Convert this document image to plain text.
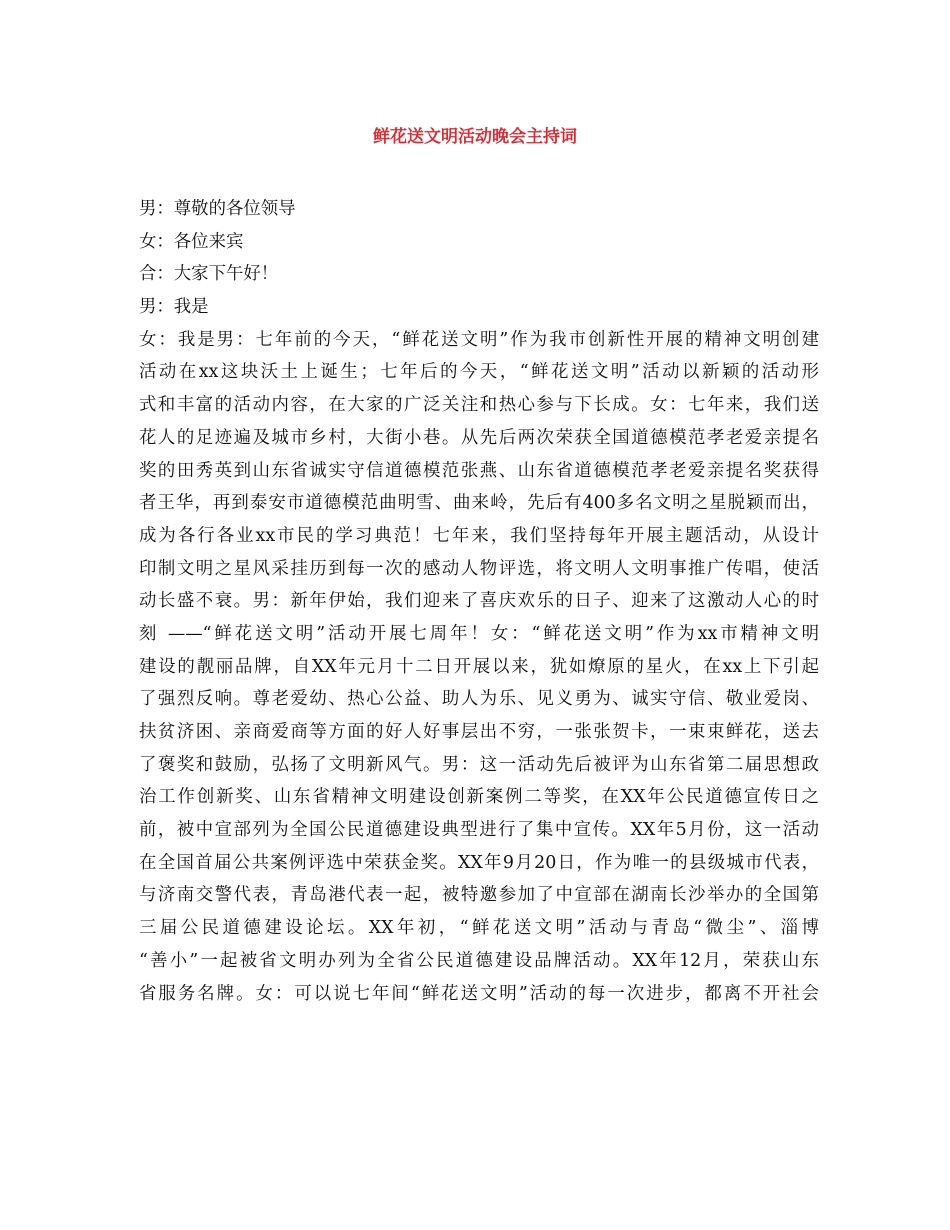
鲜花送文明活动晚会主持词
男：尊敬的各位领导
女：各位来宾
合：大家下午好！
男：我是
女：我是男：七年前的今天，“鲜花送文明”作为我市创新性开展的精神文明创建
活动在xx这块沃土上诞生；七年后的今天，“鲜花送文明”活动以新颖的活动形
式和丰富的活动内容，在大家的广泛关注和热心参与下长成。女：七年来，我们送
花人的足迹遍及城市乡村，大街小巷。从先后两次荣获全国道德模范孝老爱亲提名
奖的田秀英到山东省诚实守信道德模范张燕、山东省道德模范孝老爱亲提名奖获得
者王华，再到泰安市道德模范曲明雪、曲来岭，先后有400多名文明之星脱颖而出，
成为各行各业xx市民的学习典范！七年来，我们坚持每年开展主题活动，从设计
印制文明之星风采挂历到每一次的感动人物评选，将文明人文明事推广传唱，使活
动长盛不衰。男：新年伊始，我们迎来了喜庆欢乐的日子、迎来了这激动人心的时
刻 ——“鲜花送文明”活动开展七周年！女：“鲜花送文明”作为xx市精神文明
建设的靓丽品牌，自XX年元月十二日开展以来，犹如燎原的星火，在xx上下引起
了强烈反响。尊老爱幼、热心公益、助人为乐、见义勇为、诚实守信、敬业爱岗、
扶贫济困、亲商爱商等方面的好人好事层出不穷，一张张贺卡，一束束鲜花，送去
了褒奖和鼓励，弘扬了文明新风气。男：这一活动先后被评为山东省第二届思想政
治工作创新奖、山东省精神文明建设创新案例二等奖，在XX年公民道德宣传日之
前，被中宣部列为全国公民道德建设典型进行了集中宣传。XX年5月份，这一活动
在全国首届公共案例评选中荣获金奖。XX年9月20日，作为唯一的县级城市代表，
与济南交警代表，青岛港代表一起，被特邀参加了中宣部在湖南长沙举办的全国第
三届公民道德建设论坛。XX年初，“鲜花送文明”活动与青岛“微尘”、淄博
“善小”一起被省文明办列为全省公民道德建设品牌活动。XX年12月，荣获山东
省服务名牌。女：可以说七年间“鲜花送文明”活动的每一次进步，都离不开社会
